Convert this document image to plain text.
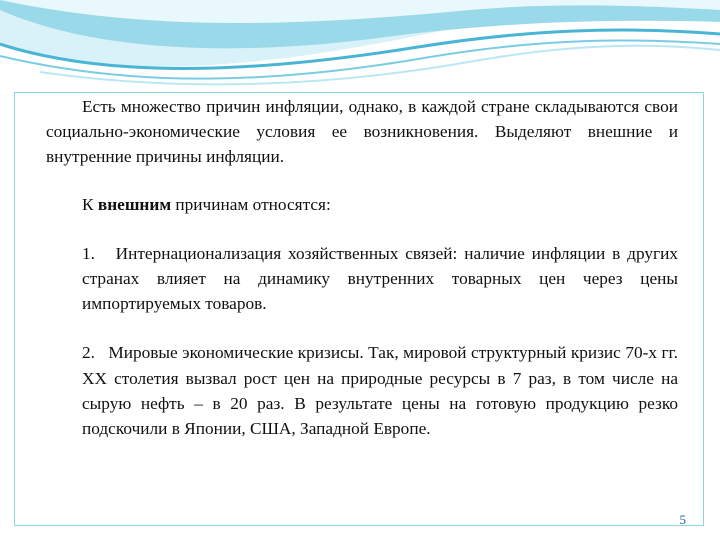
Есть множество причин инфляции, однако, в каждой стране складываются свои социально-экономические условия ее возникновения. Выделяют внешние и внутренние причины инфляции.

К внешним причинам относятся:

1. Интернационализация хозяйственных связей: наличие инфляции в других странах влияет на динамику внутренних товарных цен через цены импортируемых товаров.

2. Мировые экономические кризисы. Так, мировой структурный кризис 70-х гг. XX столетия вызвал рост цен на природные ресурсы в 7 раз, в том числе на сырую нефть – в 20 раз. В результате цены на готовую продукцию резко подскочили в Японии, США, Западной Европе.

5
